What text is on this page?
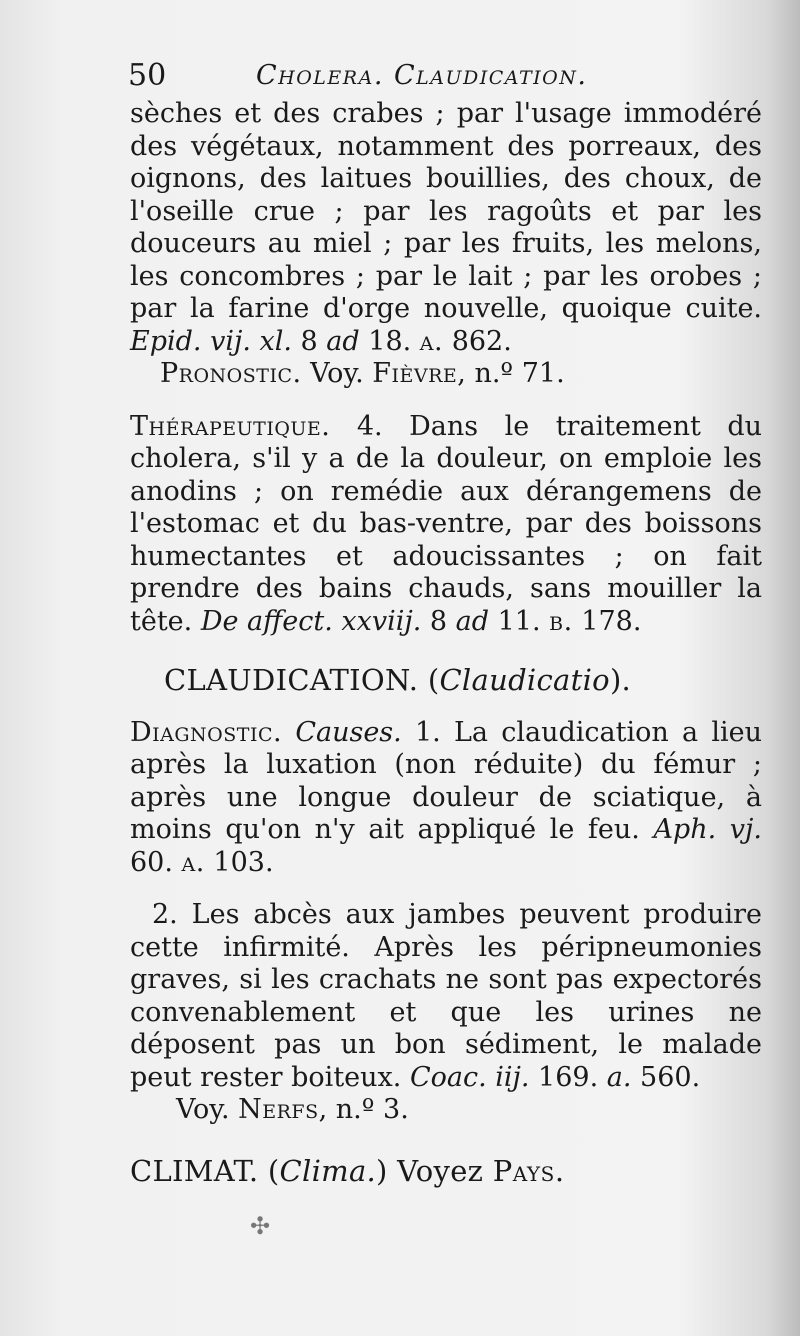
50	Cholera. Claudication.

sèches et des crabes ; par l'usage immodéré des végétaux, notamment des porreaux, des oignons, des laitues bouillies, des choux, de l'oseille crue ; par les ragoûts et par les douceurs au miel ; par les fruits, les melons, les concombres ; par le lait ; par les orobes ; par la farine d'orge nouvelle, quoique cuite. Epid. vij. xl. 8 ad 18. a. 862.

Pronostic. Voy. Fièvre, n.º 71.

Thérapeutique. 4. Dans le traitement du cholera, s'il y a de la douleur, on emploie les anodins ; on remédie aux dérangemens de l'estomac et du bas-ventre, par des boissons humectantes et adoucissantes ; on fait prendre des bains chauds, sans mouiller la tête. De affect. xxviij. 8 ad 11. b. 178.

CLAUDICATION. (Claudicatio).

Diagnostic. Causes. 1. La claudication a lieu après la luxation (non réduite) du fémur ; après une longue douleur de sciatique, à moins qu'on n'y ait appliqué le feu. Aph. vj. 60. a. 103.

2. Les abcès aux jambes peuvent produire cette infirmité. Après les péripneumonies graves, si les crachats ne sont pas expectorés convenablement et que les urines ne déposent pas un bon sédiment, le malade peut rester boiteux. Coac. iij. 169. a. 560.

Voy. Nerfs, n.º 3.

CLIMAT. (Clima.) Voyez Pays.

✣
